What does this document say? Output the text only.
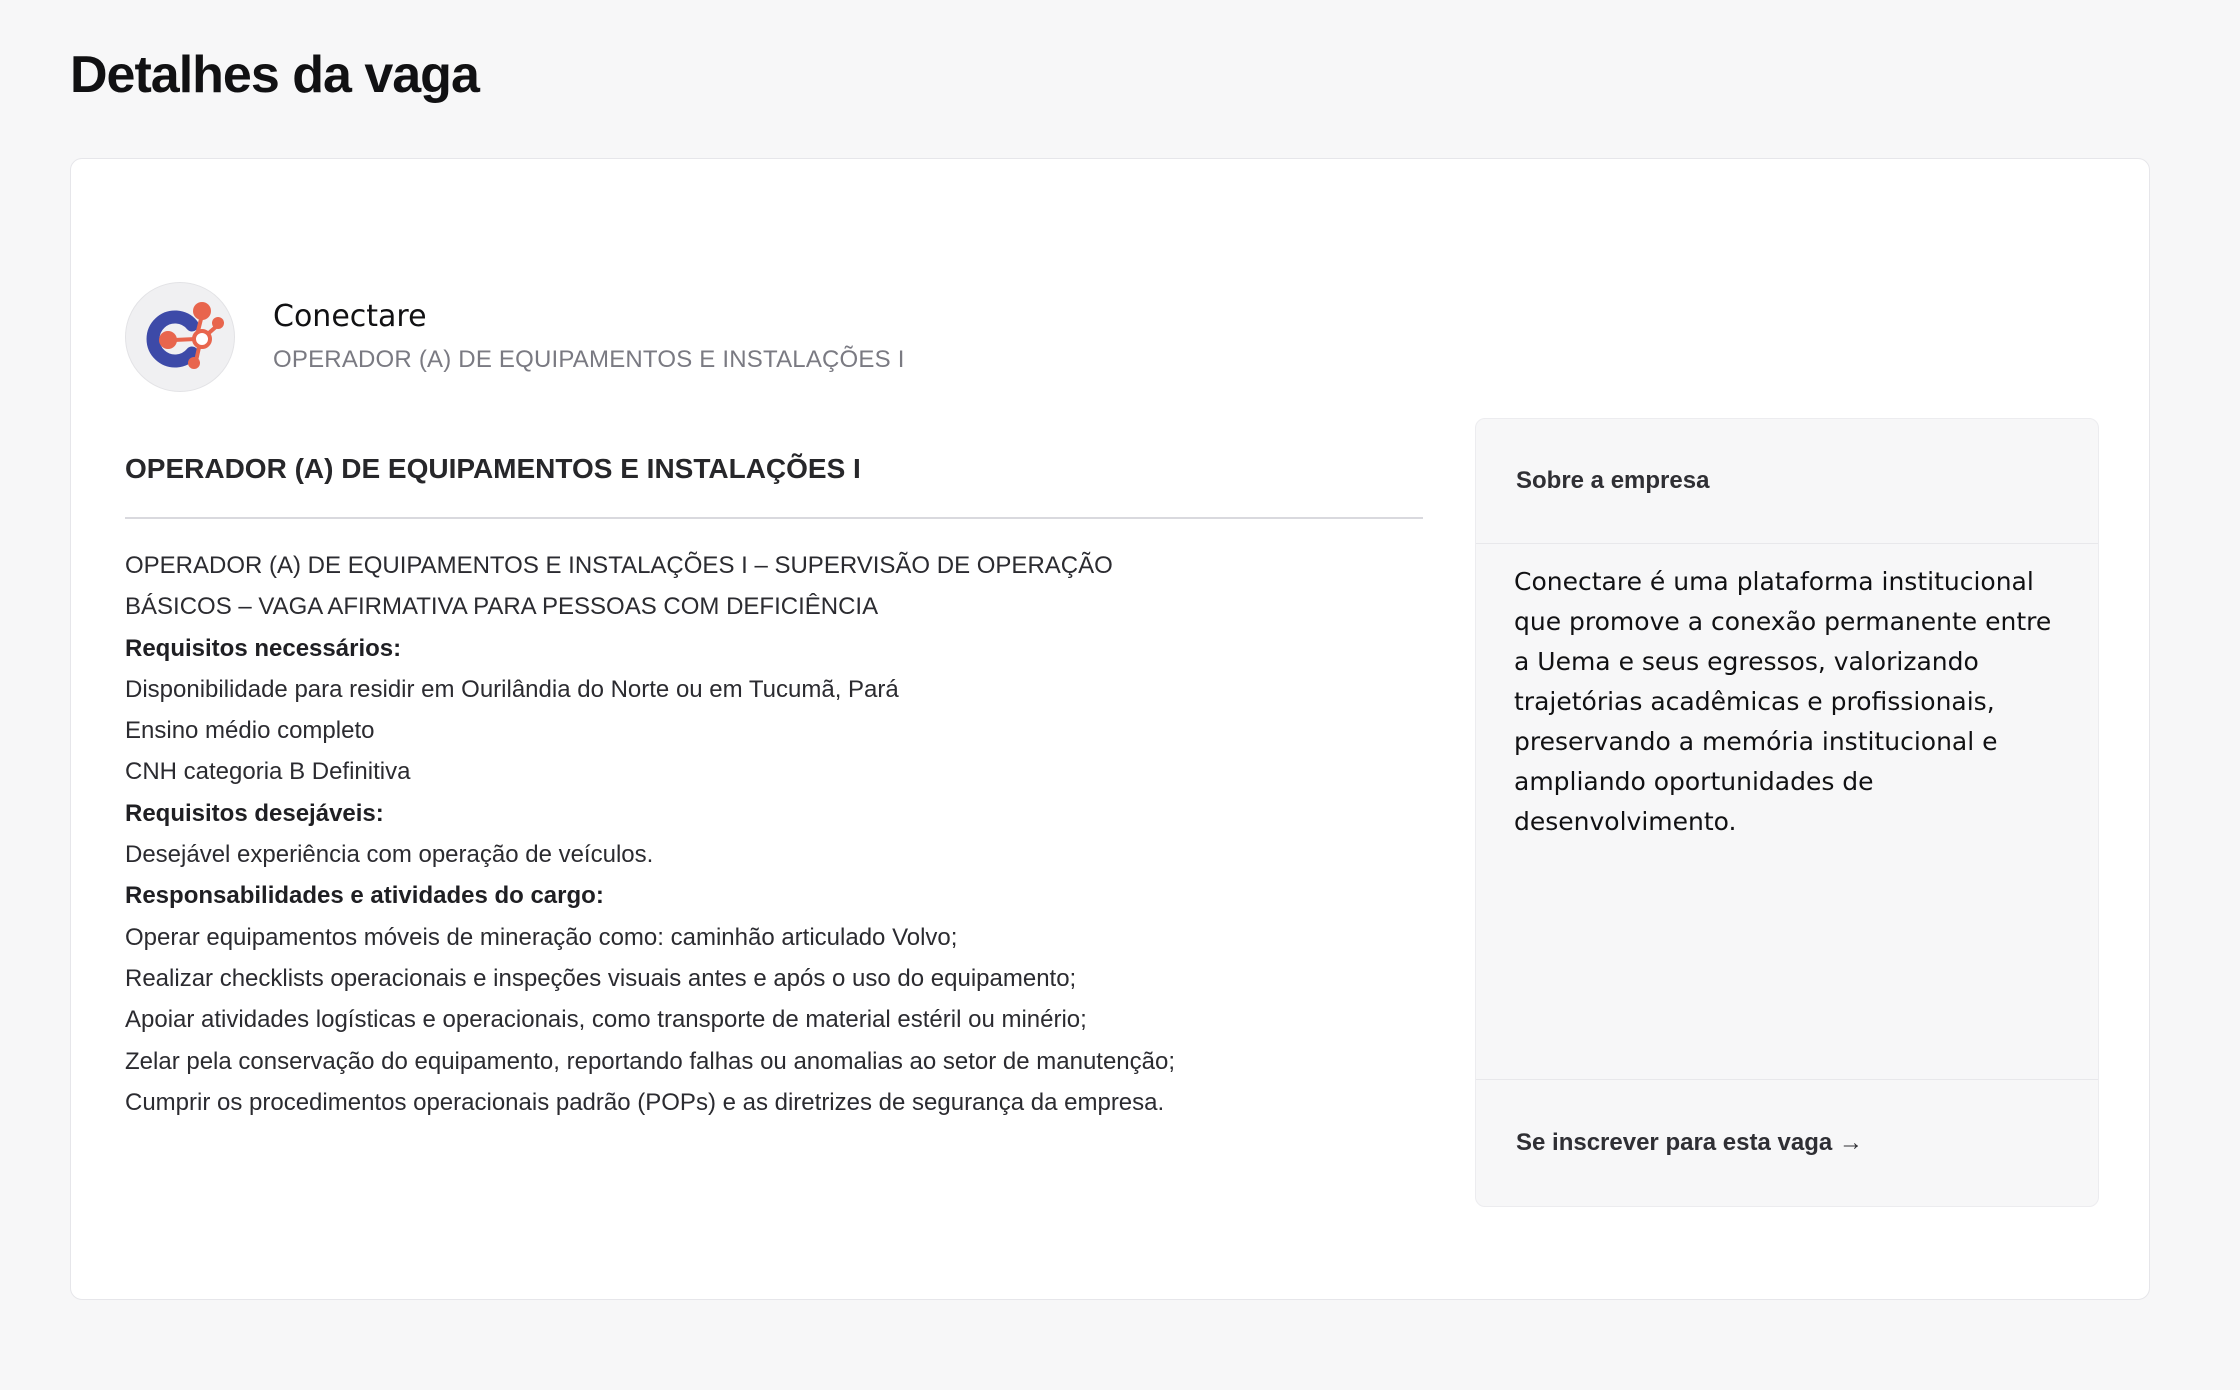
Detalhes da vaga
Conectare
OPERADOR (A) DE EQUIPAMENTOS E INSTALAÇÕES I
OPERADOR (A) DE EQUIPAMENTOS E INSTALAÇÕES I
OPERADOR (A) DE EQUIPAMENTOS E INSTALAÇÕES I – SUPERVISÃO DE OPERAÇÃO
BÁSICOS – VAGA AFIRMATIVA PARA PESSOAS COM DEFICIÊNCIA
Requisitos necessários:
Disponibilidade para residir em Ourilândia do Norte ou em Tucumã, Pará
Ensino médio completo
CNH categoria B Definitiva
Requisitos desejáveis:
Desejável experiência com operação de veículos.
Responsabilidades e atividades do cargo:
Operar equipamentos móveis de mineração como: caminhão articulado Volvo;
Realizar checklists operacionais e inspeções visuais antes e após o uso do equipamento;
Apoiar atividades logísticas e operacionais, como transporte de material estéril ou minério;
Zelar pela conservação do equipamento, reportando falhas ou anomalias ao setor de manutenção;
Cumprir os procedimentos operacionais padrão (POPs) e as diretrizes de segurança da empresa.
Sobre a empresa

Conectare é uma plataforma institucional que promove a conexão permanente entre a Uema e seus egressos, valorizando trajetórias acadêmicas e profissionais, preservando a memória institucional e ampliando oportunidades de desenvolvimento.

Se inscrever para esta vaga →
